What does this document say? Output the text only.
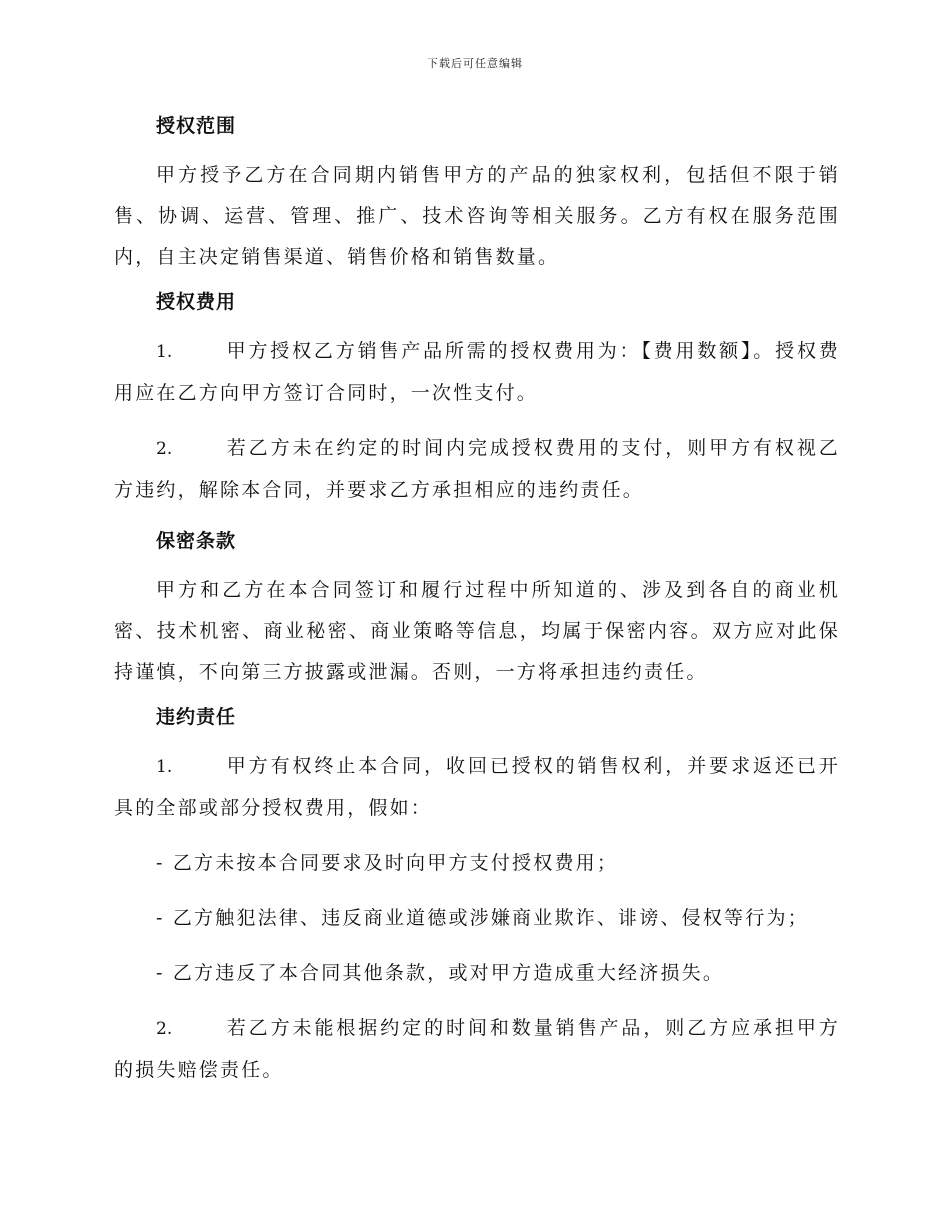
下载后可任意编辑
授权范围

甲方授予乙方在合同期内销售甲方的产品的独家权利，包括但不限于销售、协调、运营、管理、推广、技术咨询等相关服务。乙方有权在服务范围内，自主决定销售渠道、销售价格和销售数量。

授权费用

1.	甲方授权乙方销售产品所需的授权费用为：【费用数额】。授权费用应在乙方向甲方签订合同时，一次性支付。

2.	若乙方未在约定的时间内完成授权费用的支付，则甲方有权视乙方违约，解除本合同，并要求乙方承担相应的违约责任。

保密条款

甲方和乙方在本合同签订和履行过程中所知道的、涉及到各自的商业机密、技术机密、商业秘密、商业策略等信息，均属于保密内容。双方应对此保持谨慎，不向第三方披露或泄漏。否则，一方将承担违约责任。

违约责任

1.	甲方有权终止本合同，收回已授权的销售权利，并要求返还已开具的全部或部分授权费用，假如：

- 乙方未按本合同要求及时向甲方支付授权费用；
- 乙方触犯法律、违反商业道德或涉嫌商业欺诈、诽谤、侵权等行为；
- 乙方违反了本合同其他条款，或对甲方造成重大经济损失。

2.	若乙方未能根据约定的时间和数量销售产品，则乙方应承担甲方的损失赔偿责任。
